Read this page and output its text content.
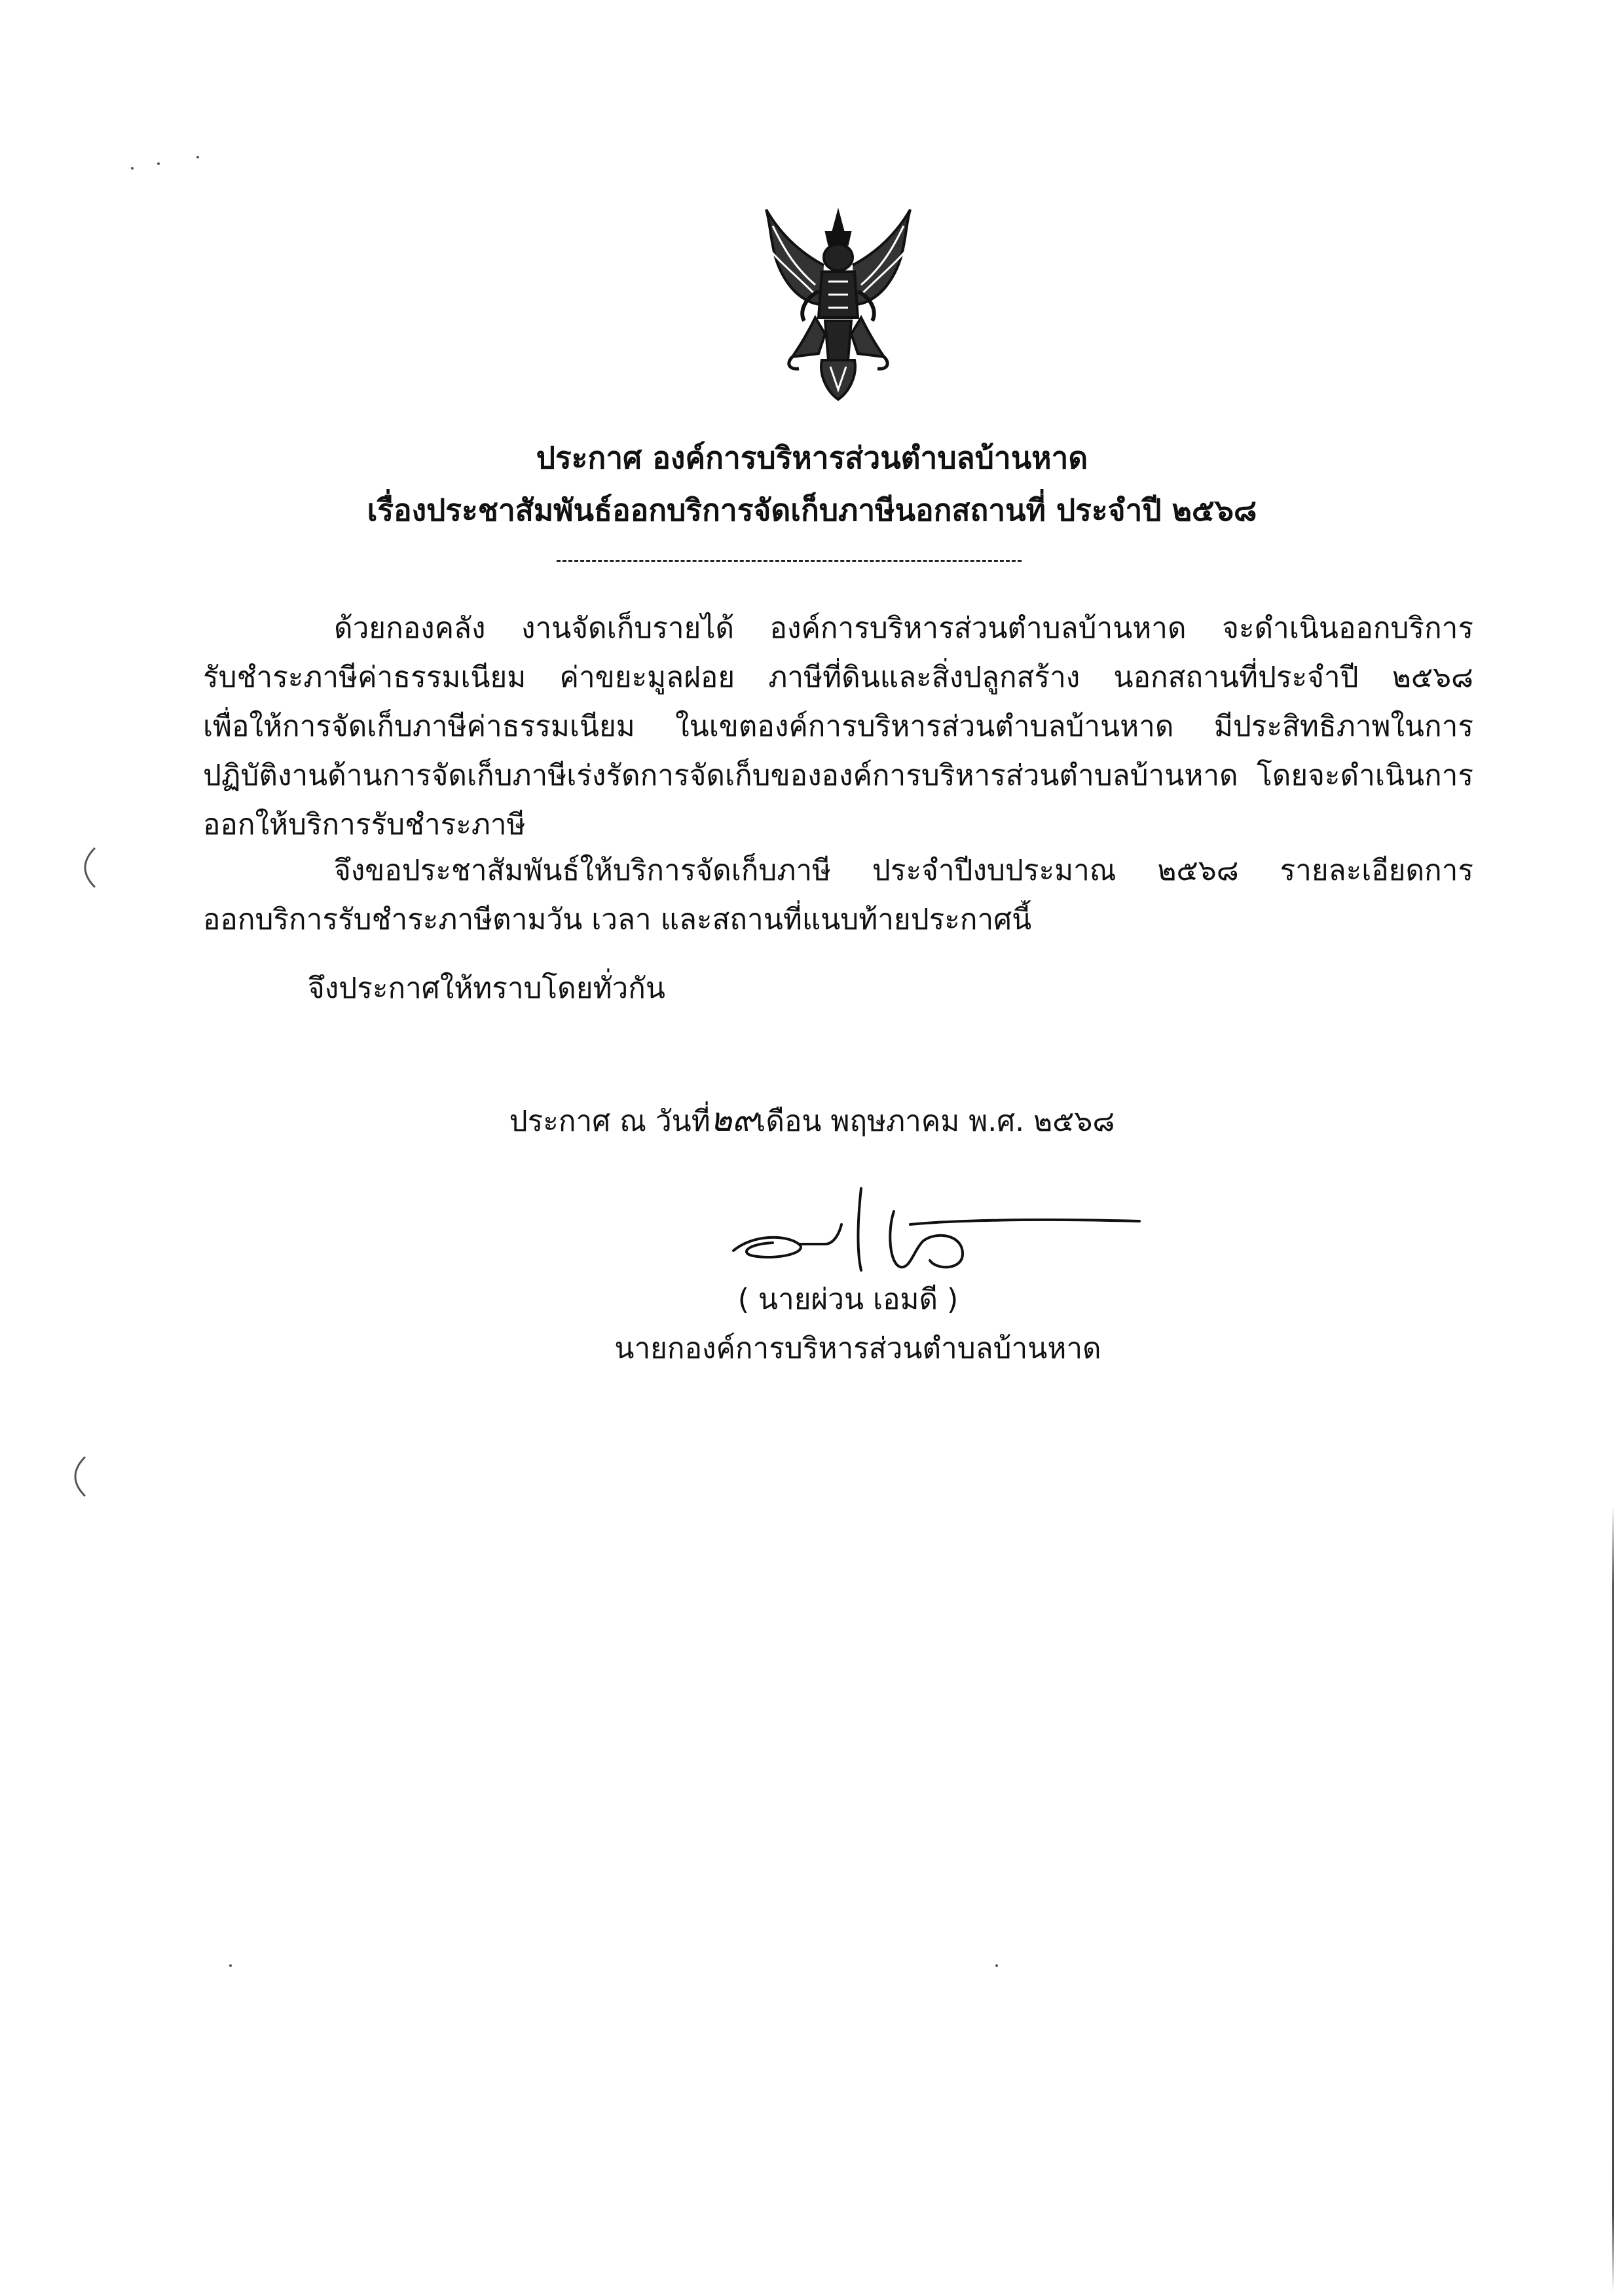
ประกาศ องค์การบริหารส่วนตำบลบ้านหาด
เรื่องประชาสัมพันธ์ออกบริการจัดเก็บภาษีนอกสถานที่ ประจำปี ๒๕๖๘
ด้วยกองคลัง งานจัดเก็บรายได้ องค์การบริหารส่วนตำบลบ้านหาด จะดำเนินออกบริการ
รับชำระภาษีค่าธรรมเนียม ค่าขยะมูลฝอย ภาษีที่ดินและสิ่งปลูกสร้าง นอกสถานที่ประจำปี ๒๕๖๘
เพื่อให้การจัดเก็บภาษีค่าธรรมเนียม ในเขตองค์การบริหารส่วนตำบลบ้านหาด มีประสิทธิภาพในการ
ปฏิบัติงานด้านการจัดเก็บภาษีเร่งรัดการจัดเก็บขององค์การบริหารส่วนตำบลบ้านหาด โดยจะดำเนินการ
ออกให้บริการรับชำระภาษี
จึงขอประชาสัมพันธ์ให้บริการจัดเก็บภาษี ประจำปีงบประมาณ ๒๕๖๘ รายละเอียดการ
ออกบริการรับชำระภาษีตามวัน เวลา และสถานที่แนบท้ายประกาศนี้
จึงประกาศให้ทราบโดยทั่วกัน
ประกาศ ณ วันที่๒๙เดือน พฤษภาคม พ.ศ. ๒๕๖๘
( นายผ่วน เอมดี )
นายกองค์การบริหารส่วนตำบลบ้านหาด
